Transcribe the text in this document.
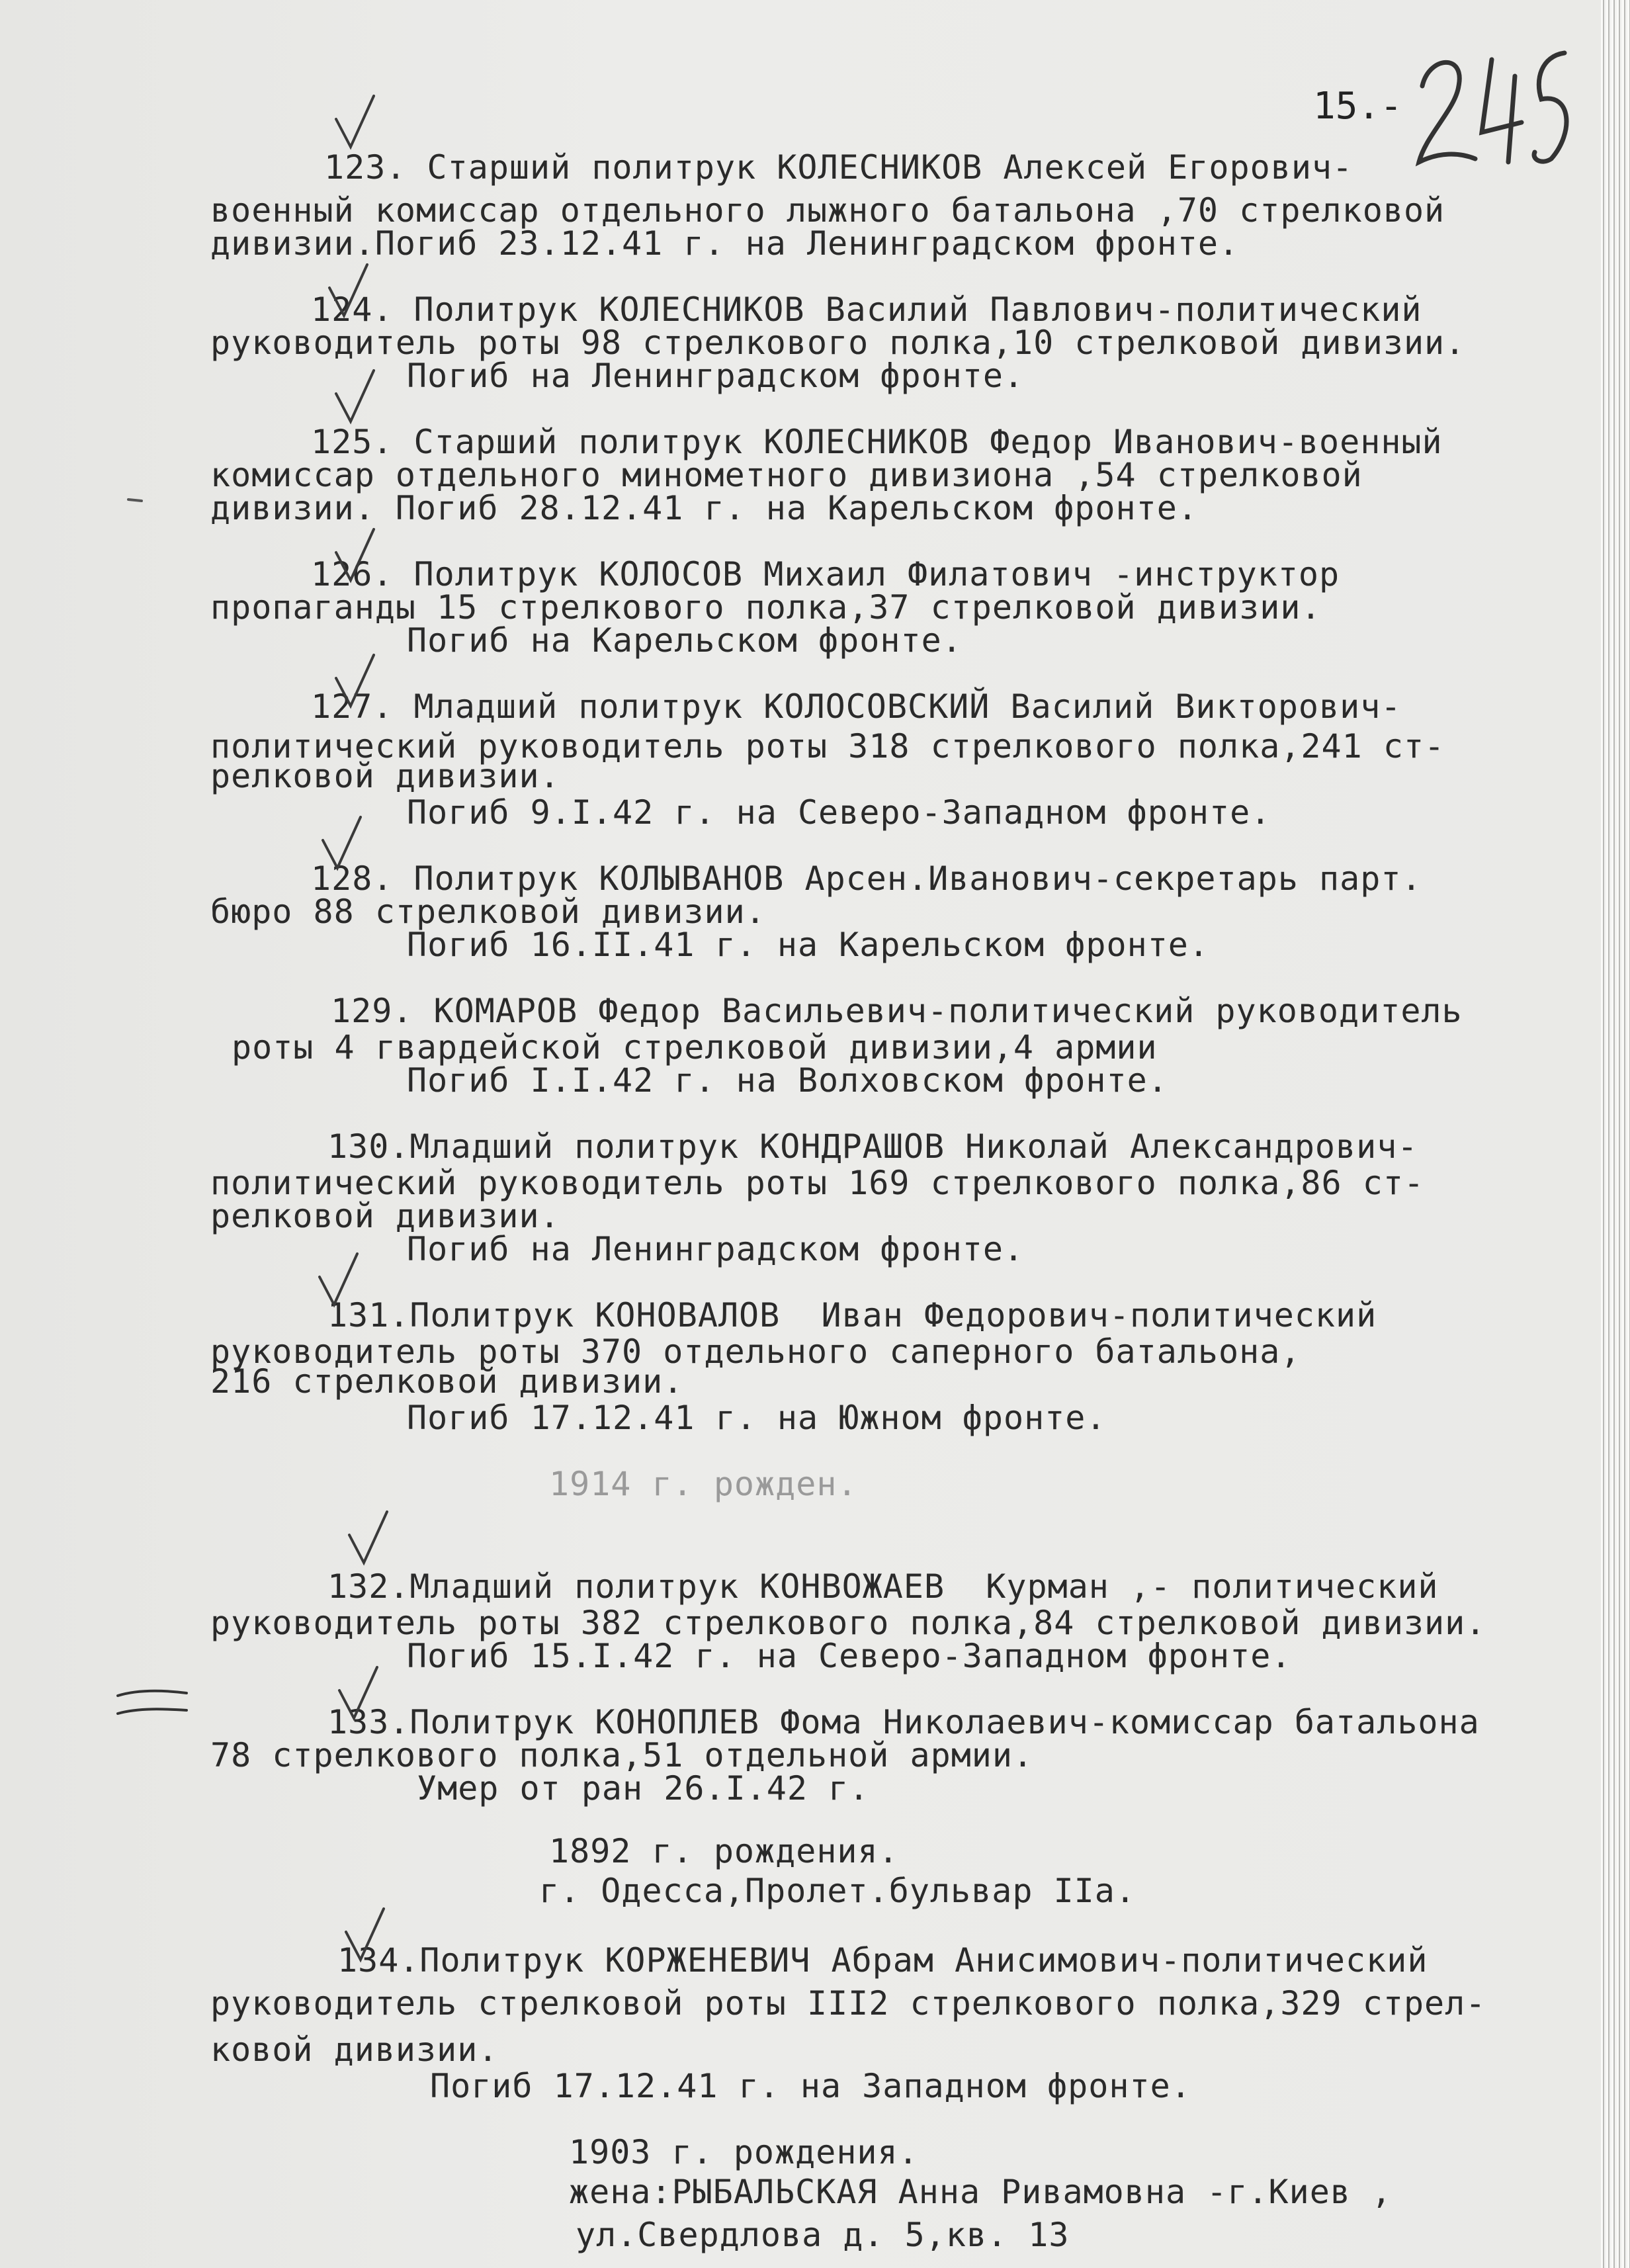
15.-
123. Старший политрук КОЛЕСНИКОВ Алексей Егорович-
военный комиссар отдельного лыжного батальона ,70 стрелковой
дивизии.Погиб 23.12.41 г. на Ленинградском фронте.
124. Политрук КОЛЕСНИКОВ Василий Павлович-политический
руководитель роты 98 стрелкового полка,10 стрелковой дивизии.
Погиб на Ленинградском фронте.
125. Старший политрук КОЛЕСНИКОВ Федор Иванович-военный
комиссар отдельного минометного дивизиона ,54 стрелковой
дивизии. Погиб 28.12.41 г. на Карельском фронте.
126. Политрук КОЛОСОВ Михаил Филатович -инструктор
пропаганды 15 стрелкового полка,37 стрелковой дивизии.
Погиб на Карельском фронте.
127. Младший политрук КОЛОСОВСКИЙ Василий Викторович-
политический руководитель роты 318 стрелкового полка,241 ст-
релковой дивизии.
Погиб 9.I.42 г. на Северо-Западном фронте.
128. Политрук КОЛЫВАНОВ Арсен.Иванович-секретарь парт.
бюро 88 стрелковой дивизии.
Погиб 16.II.41 г. на Карельском фронте.
129. КОМАРОВ Федор Васильевич-политический руководитель
роты 4 гвардейской стрелковой дивизии,4 армии
Погиб I.I.42 г. на Волховском фронте.
130.Младший политрук КОНДРАШОВ Николай Александрович-
политический руководитель роты 169 стрелкового полка,86 ст-
релковой дивизии.
Погиб на Ленинградском фронте.
131.Политрук КОНОВАЛОВ  Иван Федорович-политический
руководитель роты 370 отдельного саперного батальона,
216 стрелковой дивизии.
Погиб 17.12.41 г. на Южном фронте.
1914 г. рожден.
132.Младший политрук КОНВОЖАЕВ  Курман ,- политический
руководитель роты 382 стрелкового полка,84 стрелковой дивизии.
Погиб 15.I.42 г. на Северо-Западном фронте.
133.Политрук КОНОПЛЕВ Фома Николаевич-комиссар батальона
78 стрелкового полка,51 отдельной армии.
Умер от ран 26.I.42 г.
1892 г. рождения.
г. Одесса,Пролет.бульвар IIа.
134.Политрук КОРЖЕНЕВИЧ Абрам Анисимович-политический
руководитель стрелковой роты III2 стрелкового полка,329 стрел-
ковой дивизии.
Погиб 17.12.41 г. на Западном фронте.
1903 г. рождения.
жена:РЫБАЛЬСКАЯ Анна Ривамовна -г.Киев ,
ул.Свердлова д. 5,кв. 13
